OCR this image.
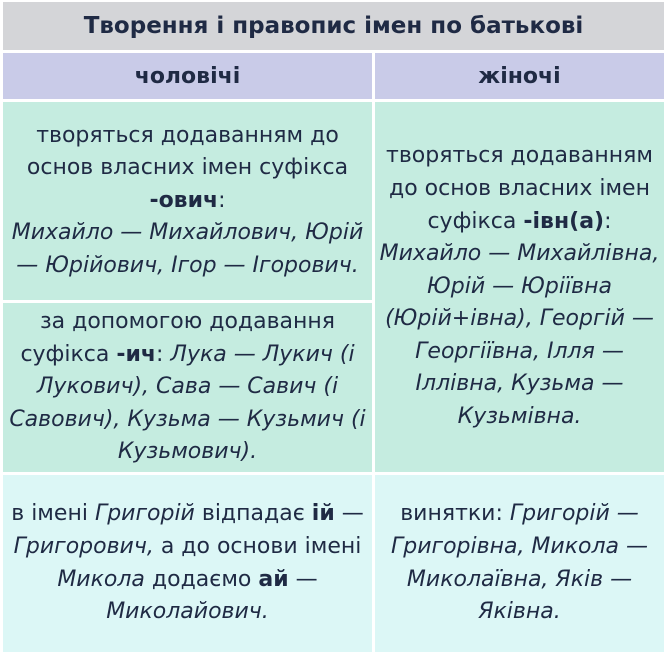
Творення і правопис імен по батькові
чоловічі	жіночі
творяться додаванням до основ власних імен суфікса -ович:
Михайло — Михайлович, Юрій — Юрійович, Ігор — Ігорович.
за допомогою додавання суфікса -ич: Лука — Лукич (і Лукович), Сава — Савич (і Савович), Кузьма — Кузьмич (і Кузьмович).
творяться додаванням до основ власних імен суфікса -івн(а):
Михайло — Михайлівна, Юрій — Юріївна (Юрій+івна), Георгій — Георгіївна, Ілля — Іллівна, Кузьма — Кузьмівна.
в імені Григорій відпадає ій — Григорович, а до основи імені Микола додаємо ай — Миколайович.
винятки: Григорій — Григорівна, Микола — Миколаївна, Яків — Яківна.
